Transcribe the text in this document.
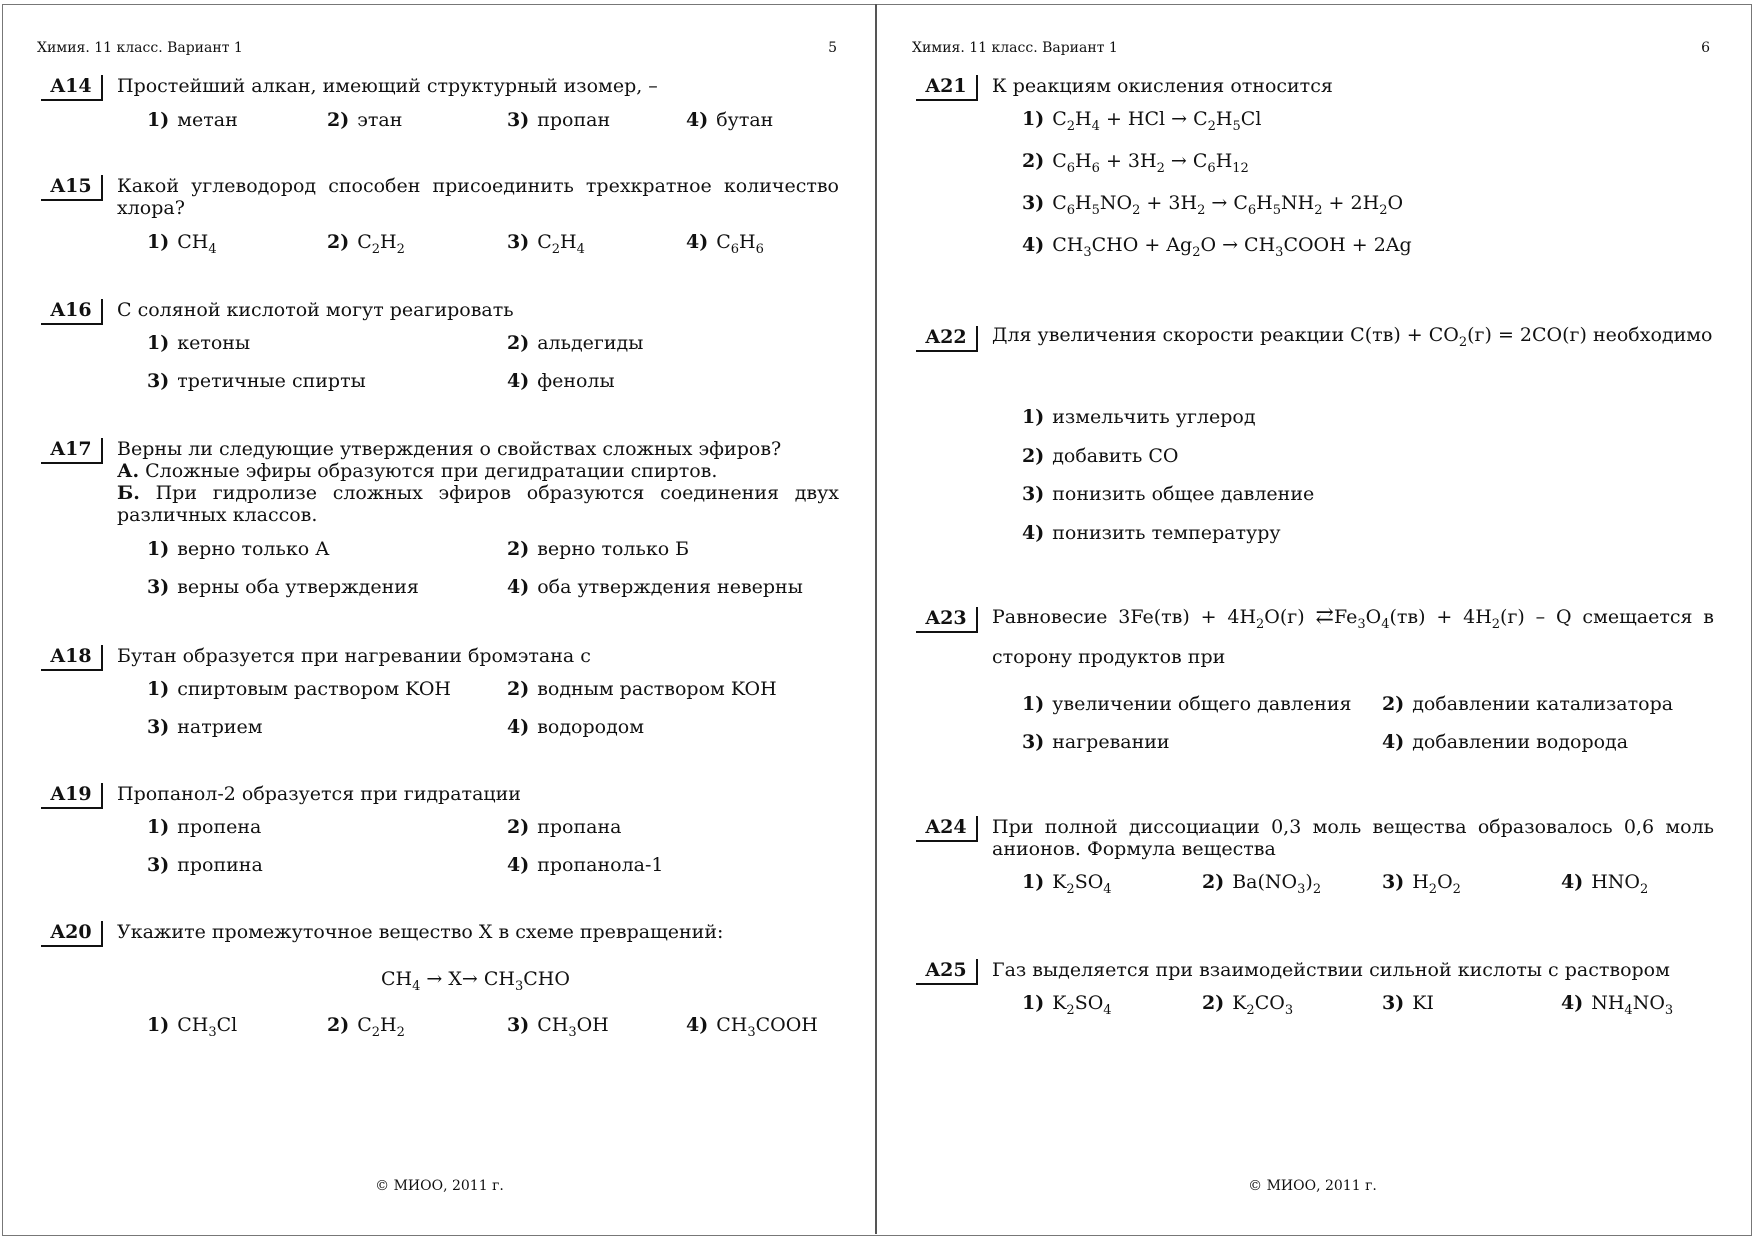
Химия. 11 класс. Вариант 1	5
A14	Простейший алкан, имеющий структурный изомер, –
1) метан	2) этан	3) пропан	4) бутан
A15	Какой углеводород способен присоединить трехкратное количество хлора?
1) $CH_4$	2) $C_2H_2$	3) $C_2H_4$	4) $C_6H_6$
A16	С соляной кислотой могут реагировать
1) кетоны	2) альдегиды
3) третичные спирты	4) фенолы
A17	Верны ли следующие утверждения о свойствах сложных эфиров?
А. Сложные эфиры образуются при дегидратации спиртов.
Б. При гидролизе сложных эфиров образуются соединения двух различных классов.
1) верно только А	2) верно только Б
3) верны оба утверждения	4) оба утверждения неверны
A18	Бутан образуется при нагревании бромэтана с
1) спиртовым раствором KOH	2) водным раствором KOH
3) натрием	4) водородом
A19	Пропанол-2 образуется при гидратации
1) пропена	2) пропана
3) пропина	4) пропанола-1
A20	Укажите промежуточное вещество X в схеме превращений:
$CH_4 \to X\to CH_3CHO$
1) $CH_3Cl$	2) $C_2H_2$	3) $CH_3OH$	4) $CH_3COOH$
© МИОО, 2011 г.
Химия. 11 класс. Вариант 1	6
A21	К реакциям окисления относится
1) $C_2H_4$ + HCl → $C_2H_5Cl$
2) $C_6H_6 + 3H_2 \to C_6H_{12}$
3) $C_6H_5NO_2 + 3H_2 \to C_6H_5NH_2 + 2H_2O$
4) $CH_3CHO + Ag_2O$ → $CH_3COOH + 2Ag$
A22	Для увеличения скорости реакции $C(тв) + CO_2(г) = 2CO(г)$ необходимо
1) измельчить углерод
2) добавить CO
3) понизить общее давление
4) понизить температуру
A23	Равновесие $3Fe(тв) + 4H_2O(г)$ $⇄Fe_3O_4(тв) + 4H_2(г) - Q$ смещается в сторону продуктов при
1) увеличении общего давления 2) добавлении катализатора
3) нагревании	4) добавлении водорода
A24	При полной диссоциации 0,3 моль вещества образовалось 0,6 моль анионов. Формула вещества
1) $K_2SO_4$	2) $Ba(NO_3)_2$	3) $H_2O_2$	4) $HNO_2$
A25	Газ выделяется при взаимодействии сильной кислоты с раствором
1) $K_2SO_4$	2) $K_2CO_3$	3) KI	4) $NH_4NO_3$
© МИОО, 2011 г.
